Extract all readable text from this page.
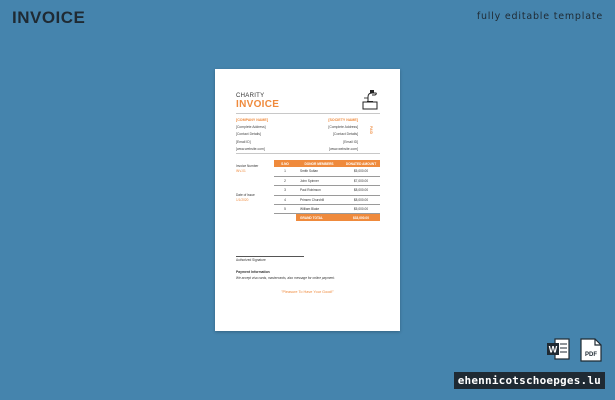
INVOICE	fully editable template
CHARITY
INVOICE
[COMPANY NAME]
[Complete Address]
[Contact Details]
[Email ID]
[www.website.com]
[SOCIETY NAME]
[Complete Address]
[Contact Details]
[Email ID]
[www.website.com]
PAID
Invoice Number
INV-01
Date of Issue
1/1/2020
S.NO	DONOR MEMBERS	DONATED AMOUNT
1	Smith Sultan	$5,000.00
2	John Spinner	$7,000.00
3	Paul Robinson	$8,000.00
4	Prinsen Churchill	$8,000.00
5	William Blake	$5,000.00
	GRAND TOTAL	$33,000.00
Authorized Signature
Payment Information
We accept visa cards, mastercards, also message for online payment.
"Pleasure To Have Your Good!"
W
PDF
ehennicotschoepges.lu
